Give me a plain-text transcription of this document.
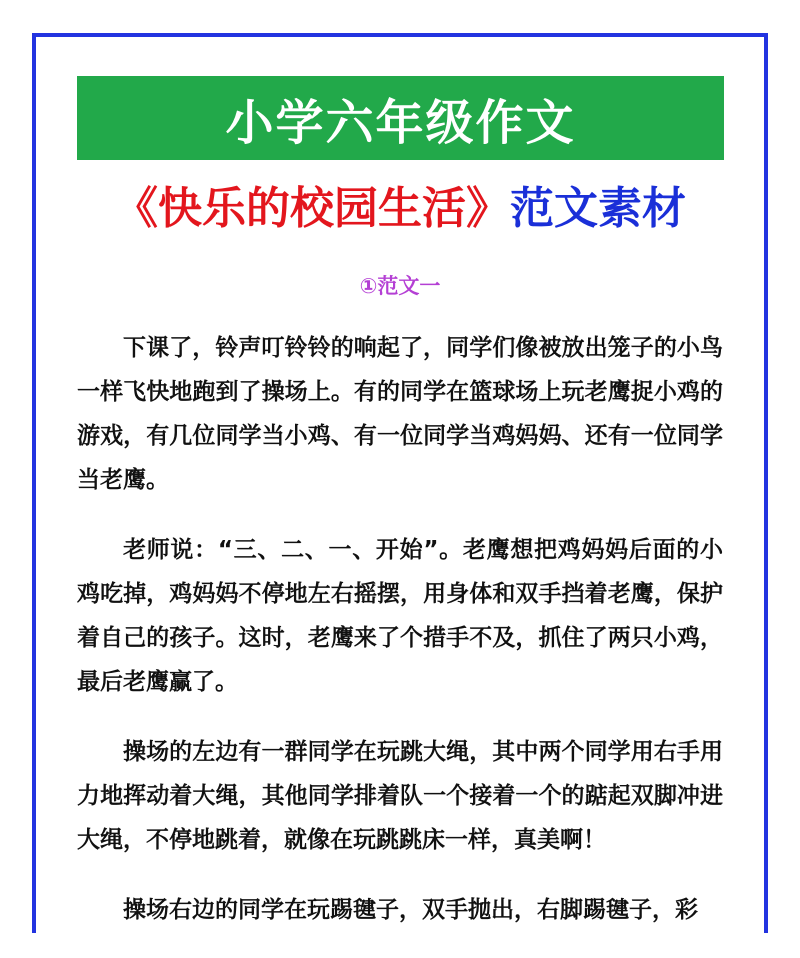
小学六年级作文
《快乐的校园生活》范文素材
①范文一

下课了，铃声叮铃铃的响起了，同学们像被放出笼子的小鸟一样飞快地跑到了操场上。有的同学在篮球场上玩老鹰捉小鸡的游戏，有几位同学当小鸡、有一位同学当鸡妈妈、还有一位同学当老鹰。

老师说：“三、二、一、开始”。老鹰想把鸡妈妈后面的小鸡吃掉，鸡妈妈不停地左右摇摆，用身体和双手挡着老鹰，保护着自己的孩子。这时，老鹰来了个措手不及，抓住了两只小鸡，最后老鹰赢了。

操场的左边有一群同学在玩跳大绳，其中两个同学用右手用力地挥动着大绳，其他同学排着队一个接着一个的踮起双脚冲进大绳，不停地跳着，就像在玩跳跳床一样，真美啊！

操场右边的同学在玩踢毽子，双手抛出，右脚踢毽子，彩
